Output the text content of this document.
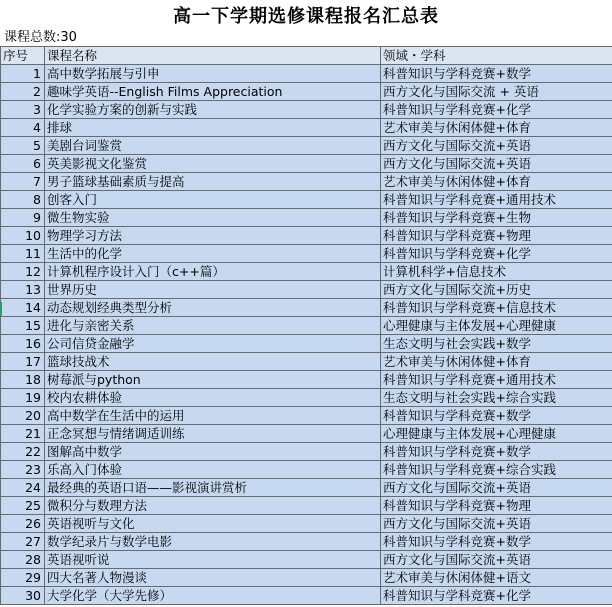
高一下学期选修课程报名汇总表
课程总数:30
序号	课程名称	领域・学科
1	高中数学拓展与引申	科普知识与学科竞赛+数学
2	趣味学英语--English Films Appreciation	西方文化与国际交流 + 英语
3	化学实验方案的创新与实践	科普知识与学科竞赛+化学
4	排球	艺术审美与休闲体健+体育
5	美剧台词鉴赏	西方文化与国际交流+英语
6	英美影视文化鉴赏	西方文化与国际交流+英语
7	男子篮球基础素质与提高	艺术审美与休闲体健+体育
8	创客入门	科普知识与学科竞赛+通用技术
9	微生物实验	科普知识与学科竞赛+生物
10	物理学习方法	科普知识与学科竞赛+物理
11	生活中的化学	科普知识与学科竞赛+化学
12	计算机程序设计入门（c++篇）	计算机科学+信息技术
13	世界历史	西方文化与国际交流+历史
14	动态规划经典类型分析	科普知识与学科竞赛+信息技术
15	进化与亲密关系	心理健康与主体发展+心理健康
16	公司信贷金融学	生态文明与社会实践+数学
17	篮球技战术	艺术审美与休闲体健+体育
18	树莓派与python	科普知识与学科竞赛+通用技术
19	校内农耕体验	生态文明与社会实践+综合实践
20	高中数学在生活中的运用	科普知识与学科竞赛+数学
21	正念冥想与情绪调适训练	心理健康与主体发展+心理健康
22	图解高中数学	科普知识与学科竞赛+数学
23	乐高入门体验	科普知识与学科竞赛+综合实践
24	最经典的英语口语——影视演讲赏析	西方文化与国际交流+英语
25	微积分与数理方法	科普知识与学科竞赛+物理
26	英语视听与文化	西方文化与国际交流+英语
27	数学纪录片与数学电影	科普知识与学科竞赛+数学
28	英语视听说	西方文化与国际交流+英语
29	四大名著人物漫谈	艺术审美与休闲体健+语文
30	大学化学（大学先修）	科普知识与学科竞赛+化学
